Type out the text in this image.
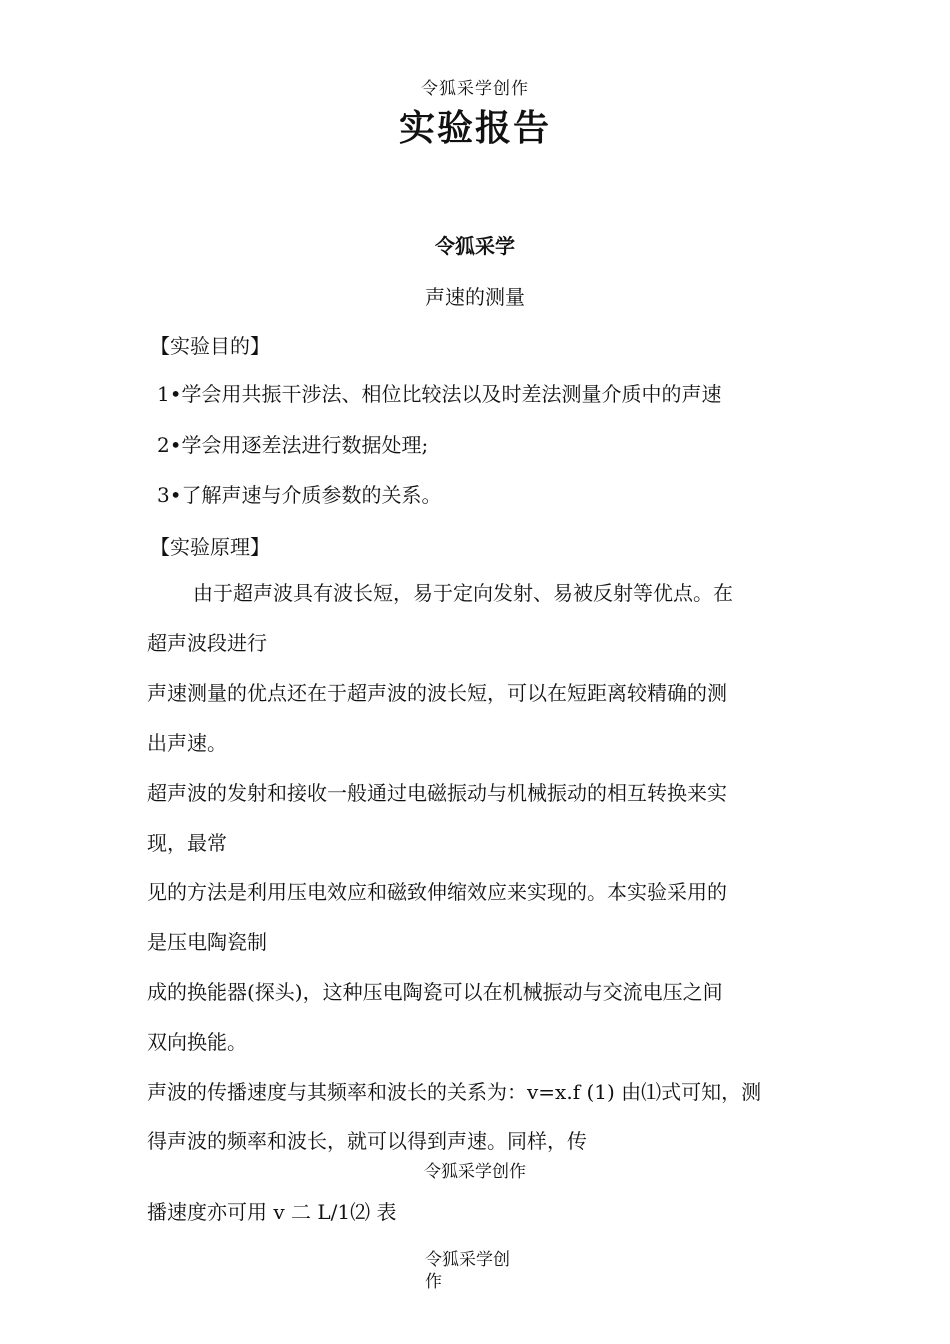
令狐采学创作
实验报告
令狐采学
声速的测量
【实验目的】
1•学会用共振干涉法、相位比较法以及时差法测量介质中的声速
2•学会用逐差法进行数据处理;
3•了解声速与介质参数的关系。
【实验原理】
由于超声波具有波长短，易于定向发射、易被反射等优点。在
超声波段进行
声速测量的优点还在于超声波的波长短，可以在短距离较精确的测
出声速。
超声波的发射和接收一般通过电磁振动与机械振动的相互转换来实
现，最常
见的方法是利用压电效应和磁致伸缩效应来实现的。本实验采用的
是压电陶瓷制
成的换能器(探头)，这种压电陶瓷可以在机械振动与交流电压之间
双向换能。
声波的传播速度与其频率和波长的关系为：v=x.f (1) 由⑴式可知，测
得声波的频率和波长，就可以得到声速。同样，传
令狐采学创作
播速度亦可用 v 二 L/1⑵ 表
令狐采学创作
